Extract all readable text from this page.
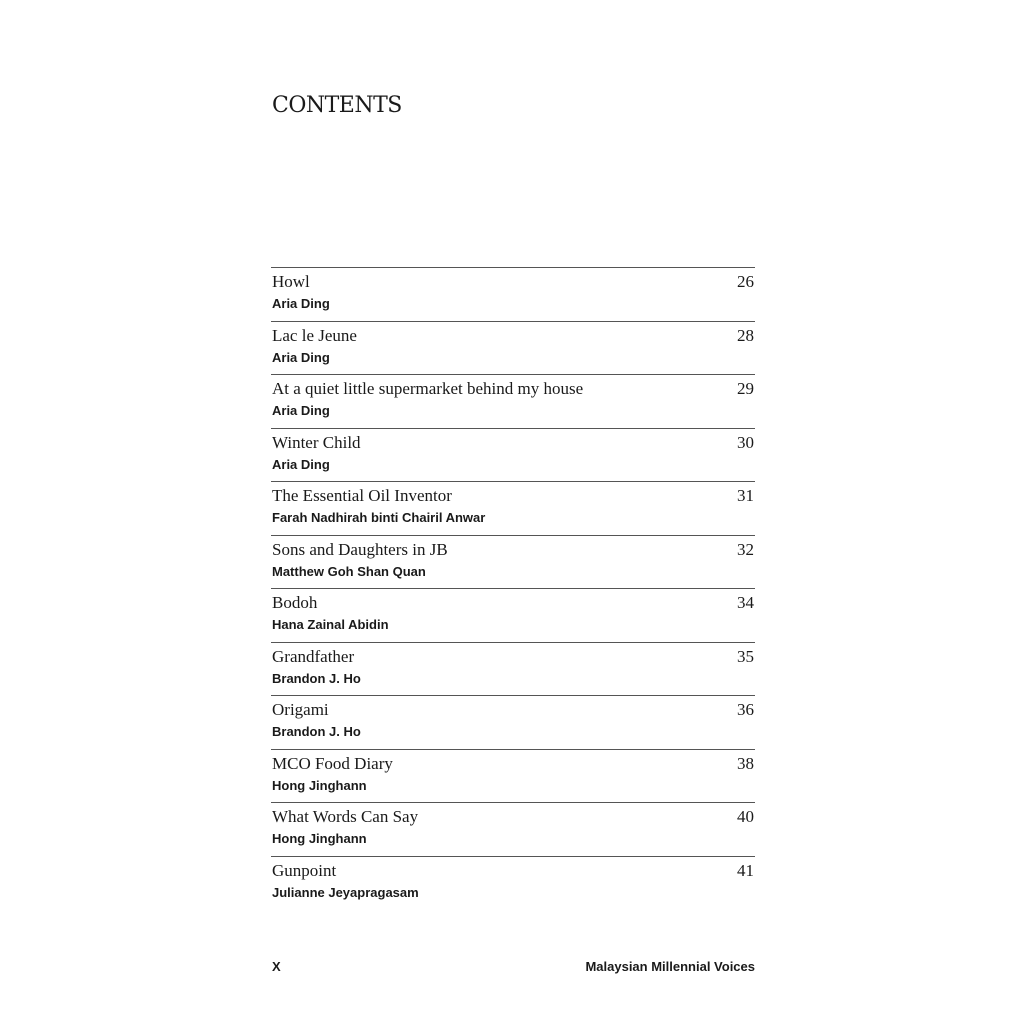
CONTENTS
Howl	26
Aria Ding
Lac le Jeune	28
Aria Ding
At a quiet little supermarket behind my house	29
Aria Ding
Winter Child	30
Aria Ding
The Essential Oil Inventor	31
Farah Nadhirah binti Chairil Anwar
Sons and Daughters in JB	32
Matthew Goh Shan Quan
Bodoh	34
Hana Zainal Abidin
Grandfather	35
Brandon J. Ho
Origami	36
Brandon J. Ho
MCO Food Diary	38
Hong Jinghann
What Words Can Say	40
Hong Jinghann
Gunpoint	41
Julianne Jeyapragasam
X	Malaysian Millennial Voices
